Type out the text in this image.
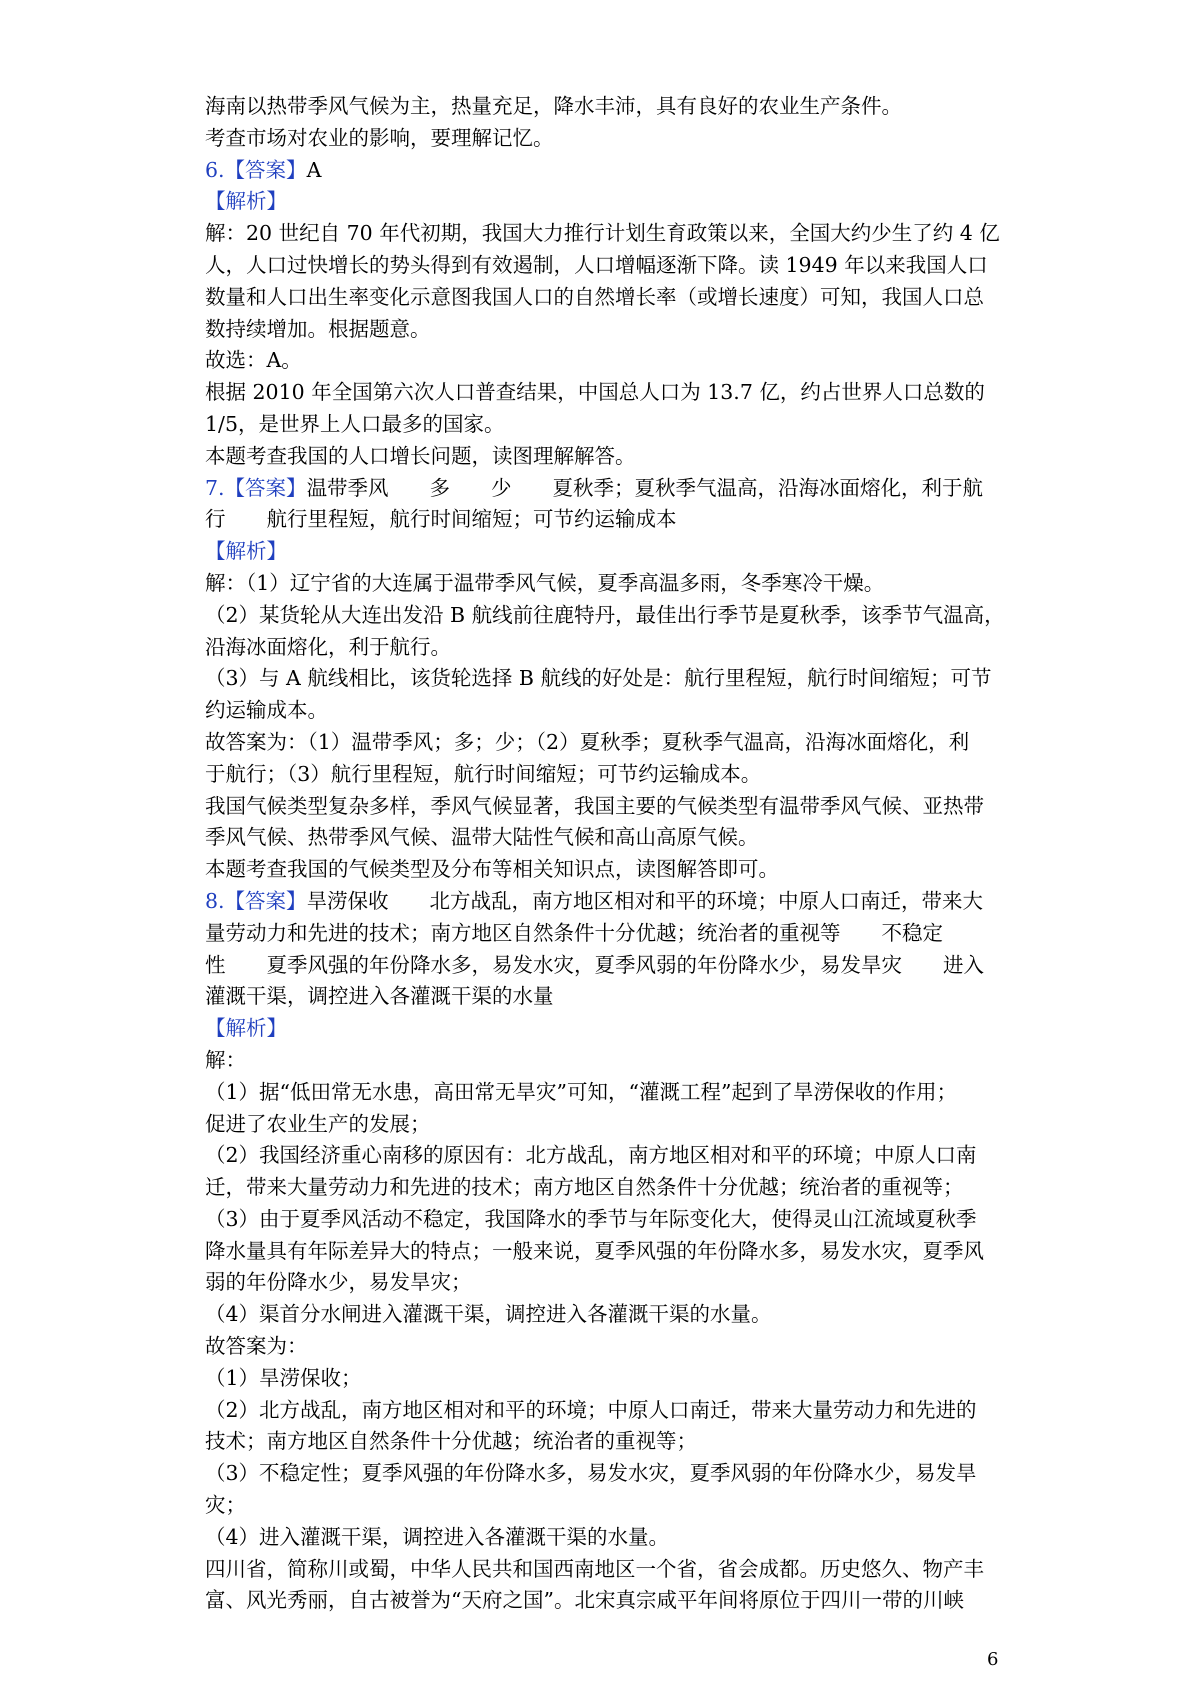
海南以热带季风气候为主，热量充足，降水丰沛，具有良好的农业生产条件。
考查市场对农业的影响，要理解记忆。
6.【答案】A
【解析】
解：20 世纪自 70 年代初期，我国大力推行计划生育政策以来，全国大约少生了约 4 亿
人，人口过快增长的势头得到有效遏制，人口增幅逐渐下降。读 1949 年以来我国人口
数量和人口出生率变化示意图我国人口的自然增长率（或增长速度）可知，我国人口总
数持续增加。根据题意。
故选：A。
根据 2010 年全国第六次人口普查结果，中国总人口为 13.7 亿，约占世界人口总数的
1/5，是世界上人口最多的国家。
本题考查我国的人口增长问题，读图理解解答。
7.【答案】温带季风　　多　　少　　夏秋季；夏秋季气温高，沿海冰面熔化，利于航
行　　航行里程短，航行时间缩短；可节约运输成本
【解析】
解：（1）辽宁省的大连属于温带季风气候，夏季高温多雨，冬季寒冷干燥。
（2）某货轮从大连出发沿 B 航线前往鹿特丹，最佳出行季节是夏秋季，该季节气温高，
沿海冰面熔化，利于航行。
（3）与 A 航线相比，该货轮选择 B 航线的好处是：航行里程短，航行时间缩短；可节
约运输成本。
故答案为：（1）温带季风；多；少；（2）夏秋季；夏秋季气温高，沿海冰面熔化，利
于航行；（3）航行里程短，航行时间缩短；可节约运输成本。
我国气候类型复杂多样，季风气候显著，我国主要的气候类型有温带季风气候、亚热带
季风气候、热带季风气候、温带大陆性气候和高山高原气候。
本题考查我国的气候类型及分布等相关知识点，读图解答即可。
8.【答案】旱涝保收　　北方战乱，南方地区相对和平的环境；中原人口南迁，带来大
量劳动力和先进的技术；南方地区自然条件十分优越；统治者的重视等　　不稳定
性　　夏季风强的年份降水多，易发水灾，夏季风弱的年份降水少，易发旱灾　　进入
灌溉干渠，调控进入各灌溉干渠的水量
【解析】
解：
（1）据“低田常无水患，高田常无旱灾”可知，“灌溉工程”起到了旱涝保收的作用；
促进了农业生产的发展；
（2）我国经济重心南移的原因有：北方战乱，南方地区相对和平的环境；中原人口南
迁，带来大量劳动力和先进的技术；南方地区自然条件十分优越；统治者的重视等；
（3）由于夏季风活动不稳定，我国降水的季节与年际变化大，使得灵山江流域夏秋季
降水量具有年际差异大的特点；一般来说，夏季风强的年份降水多，易发水灾，夏季风
弱的年份降水少，易发旱灾；
（4）渠首分水闸进入灌溉干渠，调控进入各灌溉干渠的水量。
故答案为：
（1）旱涝保收；
（2）北方战乱，南方地区相对和平的环境；中原人口南迁，带来大量劳动力和先进的
技术；南方地区自然条件十分优越；统治者的重视等；
（3）不稳定性；夏季风强的年份降水多，易发水灾，夏季风弱的年份降水少，易发旱
灾；
（4）进入灌溉干渠，调控进入各灌溉干渠的水量。
四川省，简称川或蜀，中华人民共和国西南地区一个省，省会成都。历史悠久、物产丰
富、风光秀丽，自古被誉为“天府之国”。北宋真宗咸平年间将原位于四川一带的川峡
6
